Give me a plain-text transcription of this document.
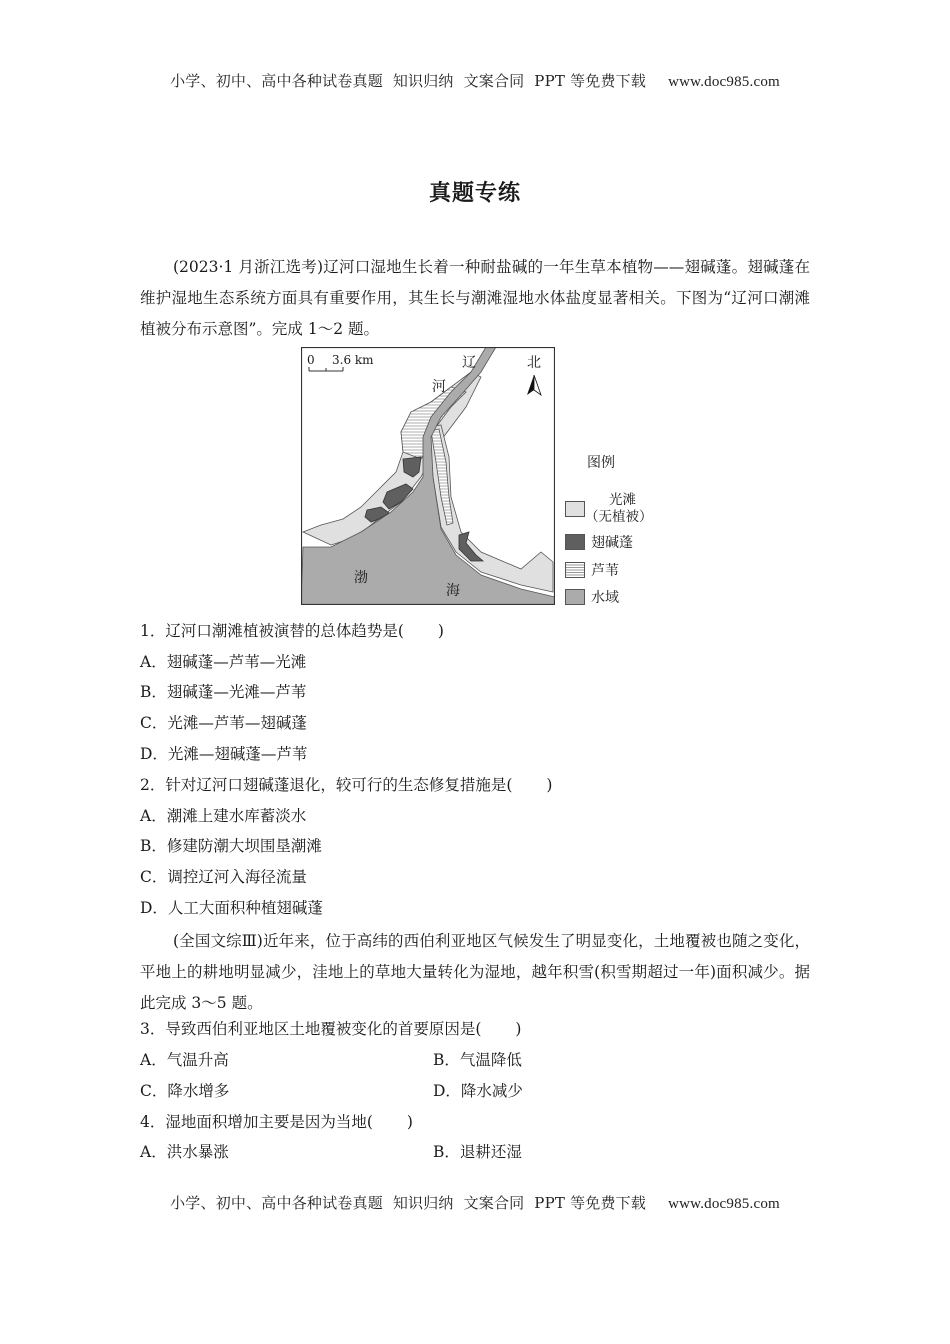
小学、初中、高中各种试卷真题  知识归纳  文案合同  PPT 等免费下载 www.doc985.com
真题专练
(2023·1 月浙江选考)辽河口湿地生长着一种耐盐碱的一年生草本植物——翅碱蓬。翅碱蓬在维护湿地生态系统方面具有重要作用，其生长与潮滩湿地水体盐度显著相关。下图为“辽河口潮滩植被分布示意图”。完成 1～2 题。
0 3.6 km	北
辽
河
渤
海
图例
光滩
（无植被）
翅碱蓬
芦苇
水域
1．辽河口潮滩植被演替的总体趋势是( )
A．翅碱蓬—芦苇—光滩
B．翅碱蓬—光滩—芦苇
C．光滩—芦苇—翅碱蓬
D．光滩—翅碱蓬—芦苇
2．针对辽河口翅碱蓬退化，较可行的生态修复措施是( )
A．潮滩上建水库蓄淡水
B．修建防潮大坝围垦潮滩
C．调控辽河入海径流量
D．人工大面积种植翅碱蓬
(全国文综Ⅲ)近年来，位于高纬的西伯利亚地区气候发生了明显变化，土地覆被也随之变化，平地上的耕地明显减少，洼地上的草地大量转化为湿地，越年积雪(积雪期超过一年)面积减少。据此完成 3～5 题。
3．导致西伯利亚地区土地覆被变化的首要原因是( )
A．气温升高	B．气温降低
C．降水增多	D．降水减少
4．湿地面积增加主要是因为当地( )
A．洪水暴涨	B．退耕还湿
小学、初中、高中各种试卷真题  知识归纳  文案合同  PPT 等免费下载 www.doc985.com
